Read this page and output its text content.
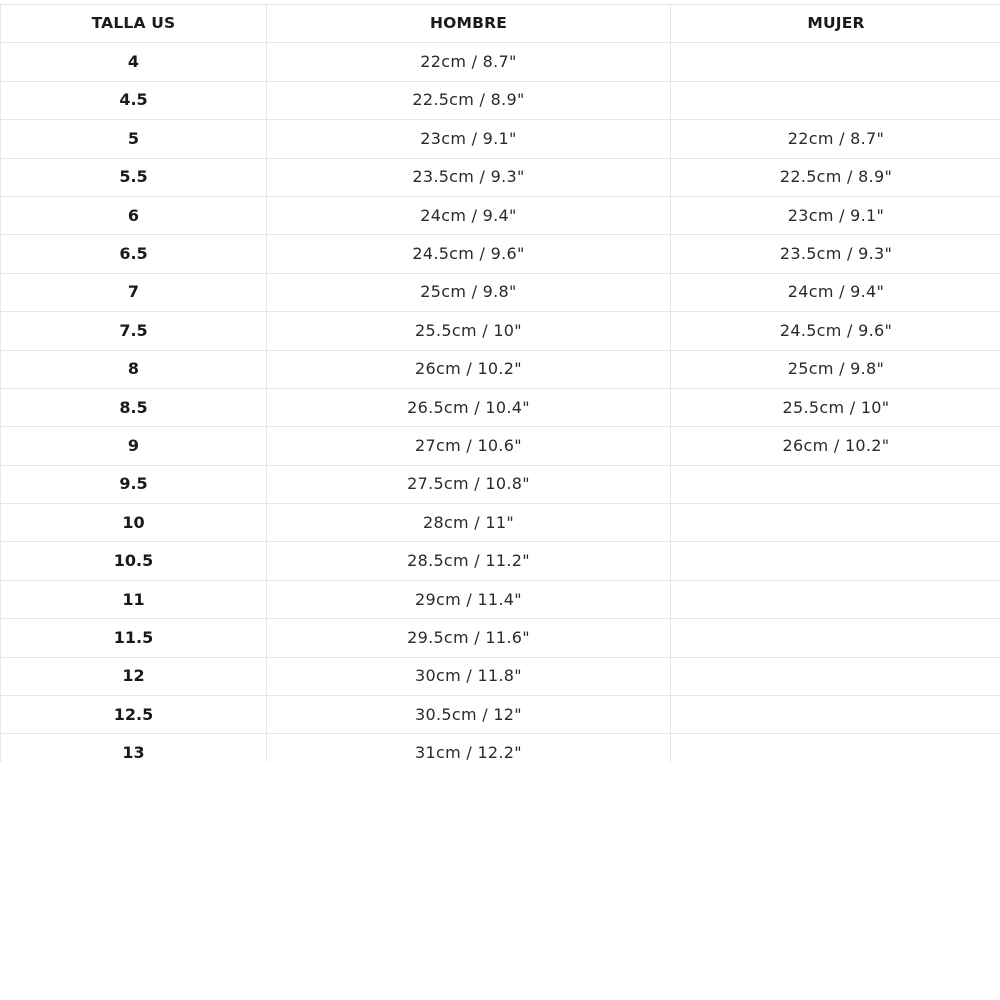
TALLA US	HOMBRE	MUJER
4	22cm / 8.7"	
4.5	22.5cm / 8.9"	
5	23cm / 9.1"	22cm / 8.7"
5.5	23.5cm / 9.3"	22.5cm / 8.9"
6	24cm / 9.4"	23cm / 9.1"
6.5	24.5cm / 9.6"	23.5cm / 9.3"
7	25cm / 9.8"	24cm / 9.4"
7.5	25.5cm / 10"	24.5cm / 9.6"
8	26cm / 10.2"	25cm / 9.8"
8.5	26.5cm / 10.4"	25.5cm / 10"
9	27cm / 10.6"	26cm / 10.2"
9.5	27.5cm / 10.8"	
10	28cm / 11"	
10.5	28.5cm / 11.2"	
11	29cm / 11.4"	
11.5	29.5cm / 11.6"	
12	30cm / 11.8"	
12.5	30.5cm / 12"	
13	31cm / 12.2"	
